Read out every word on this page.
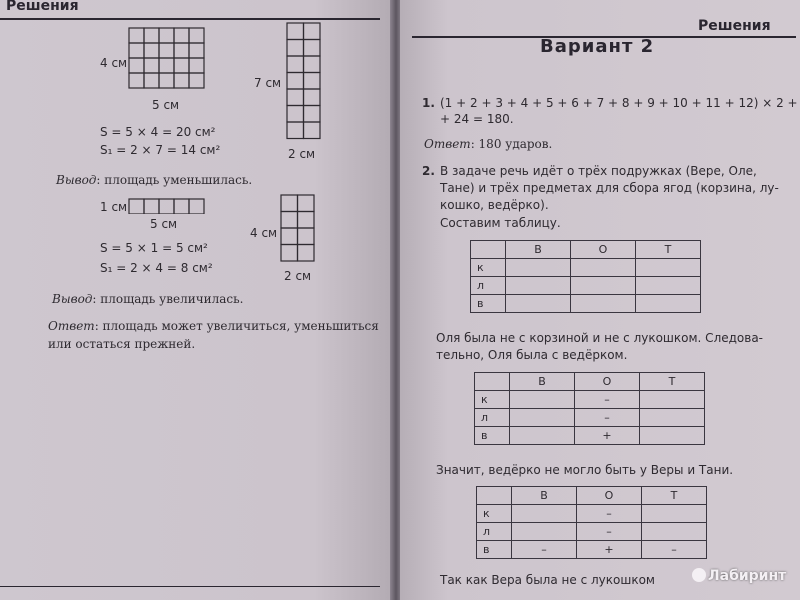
Решения
4 см
5 см
7 см
2 см
S = 5 × 4 = 20 см²
S₁ = 2 × 7 = 14 см²
Вывод: площадь уменьшилась.
1 см
5 см
4 см
2 см
S = 5 × 1 = 5 см²
S₁ = 2 × 4 = 8 см²
Вывод: площадь увеличилась.
Ответ: площадь может увеличиться, уменьшиться
или остаться прежней.
Решения
Вариант 2
1. (1 + 2 + 3 + 4 + 5 + 6 + 7 + 8 + 9 + 10 + 11 + 12) × 2 +
+ 24 = 180.
Ответ: 180 ударов.
2. В задаче речь идёт о трёх подружках (Вере, Оле,
Тане) и трёх предметах для сбора ягод (корзина, лу-
кошко, ведёрко).
Составим таблицу.
	В	О	Т
к			
л			
в			
Оля была не с корзиной и не с лукошком. Следова-
тельно, Оля была с ведёрком.
	В	О	Т
к		–	
л		–	
в		+	
Значит, ведёрко не могло быть у Веры и Тани.
	В	О	Т
к		–	
л		–	
в	–	+	–
Так как Вера была не с лукошком	Лабиринт
